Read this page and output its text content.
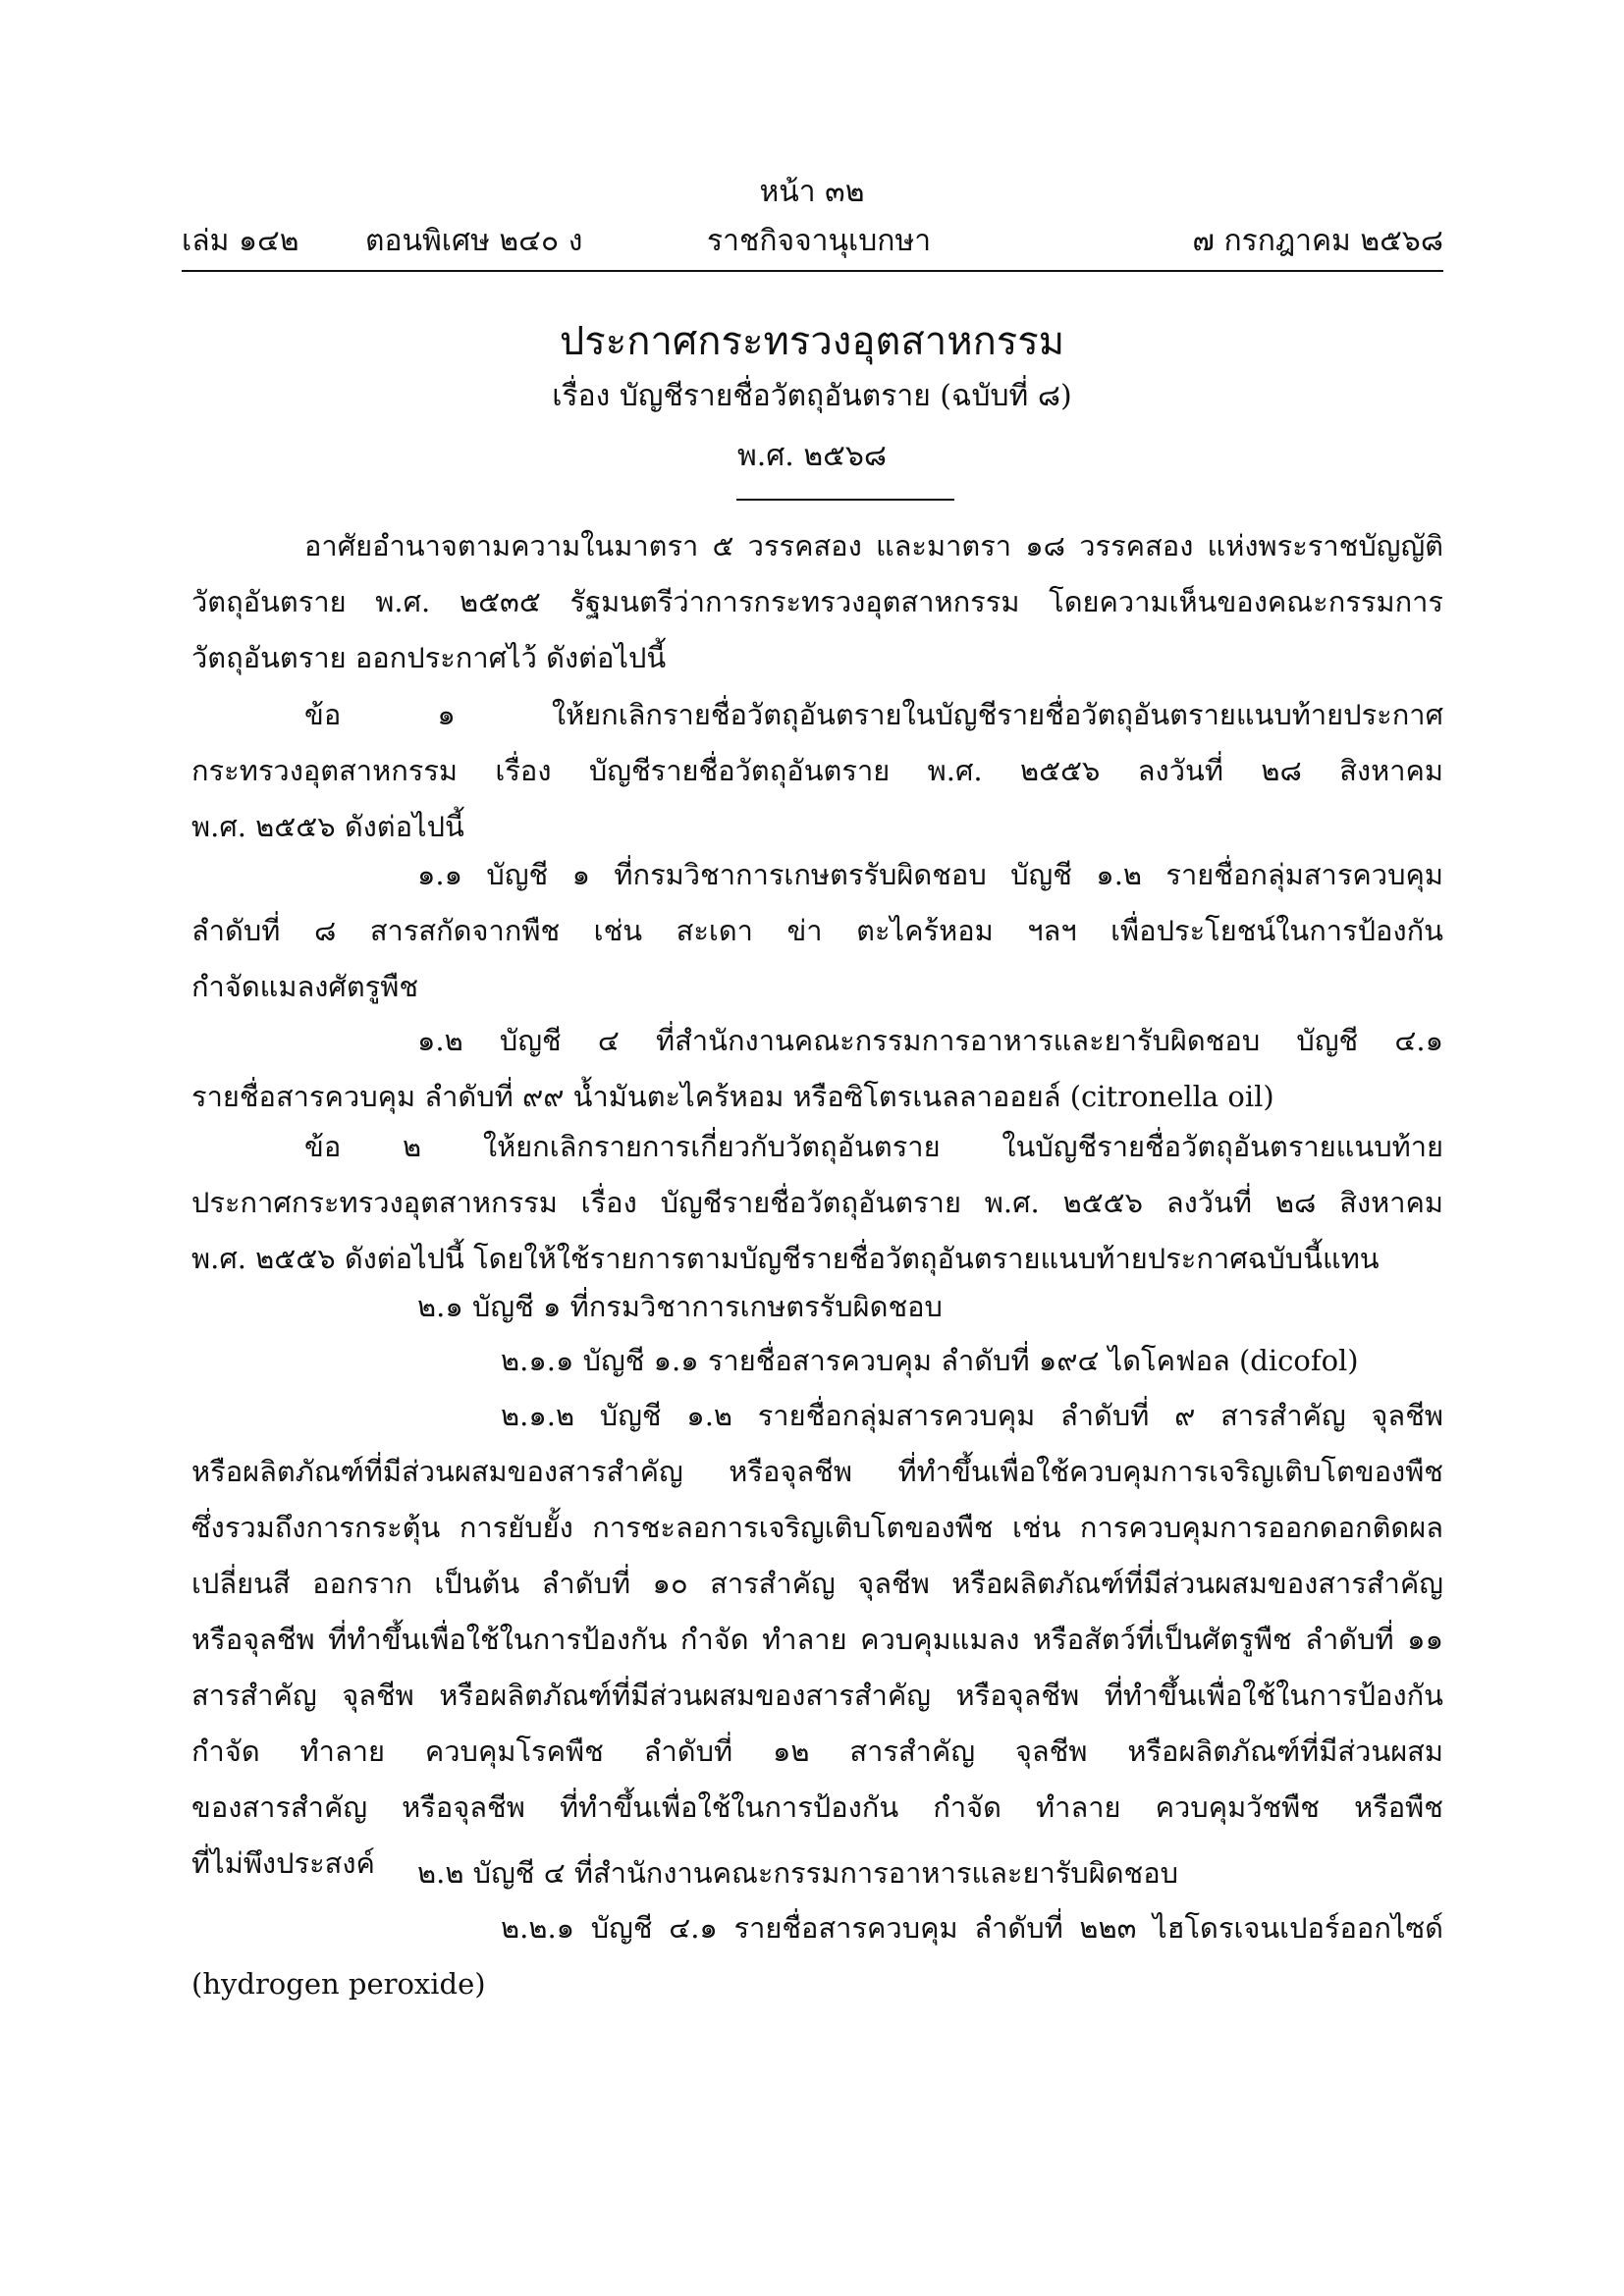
หน้า ๓๒
เล่ม ๑๔๒ ตอนพิเศษ ๒๔๐ ง	ราชกิจจานุเบกษา	๗ กรกฎาคม ๒๕๖๘
ประกาศกระทรวงอุตสาหกรรม
เรื่อง บัญชีรายชื่อวัตถุอันตราย (ฉบับที่ ๘)
พ.ศ. ๒๕๖๘
อาศัยอำนาจตามความในมาตรา ๕ วรรคสอง และมาตรา ๑๘ วรรคสอง แห่งพระราชบัญญัติ
วัตถุอันตราย พ.ศ. ๒๕๓๕ รัฐมนตรีว่าการกระทรวงอุตสาหกรรม โดยความเห็นของคณะกรรมการ
วัตถุอันตราย ออกประกาศไว้ ดังต่อไปนี้
ข้อ ๑ ให้ยกเลิกรายชื่อวัตถุอันตรายในบัญชีรายชื่อวัตถุอันตรายแนบท้ายประกาศ
กระทรวงอุตสาหกรรม เรื่อง บัญชีรายชื่อวัตถุอันตราย พ.ศ. ๒๕๕๖ ลงวันที่ ๒๘ สิงหาคม
พ.ศ. ๒๕๕๖ ดังต่อไปนี้
๑.๑ บัญชี ๑ ที่กรมวิชาการเกษตรรับผิดชอบ บัญชี ๑.๒ รายชื่อกลุ่มสารควบคุม
ลำดับที่ ๘ สารสกัดจากพืช เช่น สะเดา ข่า ตะไคร้หอม ฯลฯ เพื่อประโยชน์ในการป้องกัน
กำจัดแมลงศัตรูพืช
๑.๒ บัญชี ๔ ที่สำนักงานคณะกรรมการอาหารและยารับผิดชอบ บัญชี ๔.๑
รายชื่อสารควบคุม ลำดับที่ ๙๙ น้ำมันตะไคร้หอม หรือซิโตรเนลลาออยล์ (citronella oil)
ข้อ ๒ ให้ยกเลิกรายการเกี่ยวกับวัตถุอันตราย ในบัญชีรายชื่อวัตถุอันตรายแนบท้าย
ประกาศกระทรวงอุตสาหกรรม เรื่อง บัญชีรายชื่อวัตถุอันตราย พ.ศ. ๒๕๕๖ ลงวันที่ ๒๘ สิงหาคม
พ.ศ. ๒๕๕๖ ดังต่อไปนี้ โดยให้ใช้รายการตามบัญชีรายชื่อวัตถุอันตรายแนบท้ายประกาศฉบับนี้แทน
๒.๑ บัญชี ๑ ที่กรมวิชาการเกษตรรับผิดชอบ
๒.๑.๑ บัญชี ๑.๑ รายชื่อสารควบคุม ลำดับที่ ๑๙๔ ไดโคฟอล (dicofol)
๒.๑.๒ บัญชี ๑.๒ รายชื่อกลุ่มสารควบคุม ลำดับที่ ๙ สารสำคัญ จุลชีพ
หรือผลิตภัณฑ์ที่มีส่วนผสมของสารสำคัญ หรือจุลชีพ ที่ทำขึ้นเพื่อใช้ควบคุมการเจริญเติบโตของพืช
ซึ่งรวมถึงการกระตุ้น การยับยั้ง การชะลอการเจริญเติบโตของพืช เช่น การควบคุมการออกดอกติดผล
เปลี่ยนสี ออกราก เป็นต้น ลำดับที่ ๑๐ สารสำคัญ จุลชีพ หรือผลิตภัณฑ์ที่มีส่วนผสมของสารสำคัญ
หรือจุลชีพ ที่ทำขึ้นเพื่อใช้ในการป้องกัน กำจัด ทำลาย ควบคุมแมลง หรือสัตว์ที่เป็นศัตรูพืช ลำดับที่ ๑๑
สารสำคัญ จุลชีพ หรือผลิตภัณฑ์ที่มีส่วนผสมของสารสำคัญ หรือจุลชีพ ที่ทำขึ้นเพื่อใช้ในการป้องกัน
กำจัด ทำลาย ควบคุมโรคพืช ลำดับที่ ๑๒ สารสำคัญ จุลชีพ หรือผลิตภัณฑ์ที่มีส่วนผสม
ของสารสำคัญ หรือจุลชีพ ที่ทำขึ้นเพื่อใช้ในการป้องกัน กำจัด ทำลาย ควบคุมวัชพืช หรือพืช
ที่ไม่พึงประสงค์	๒.๒ บัญชี ๔ ที่สำนักงานคณะกรรมการอาหารและยารับผิดชอบ
๒.๒.๑ บัญชี ๔.๑ รายชื่อสารควบคุม ลำดับที่ ๒๒๓ ไฮโดรเจนเปอร์ออกไซด์
(hydrogen peroxide)
